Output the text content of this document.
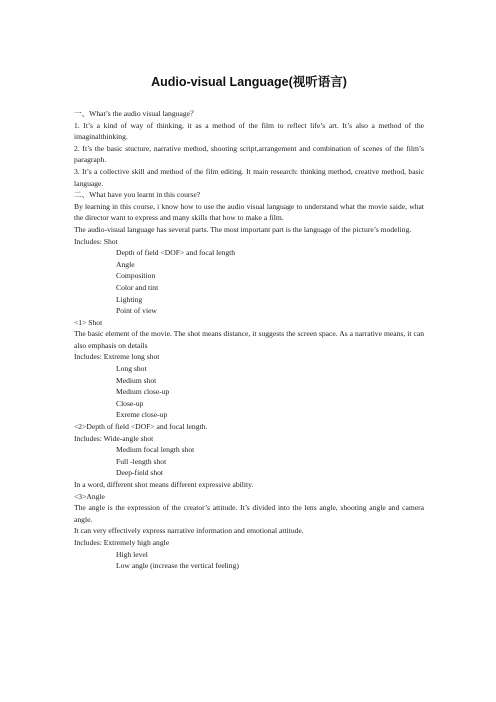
Audio-visual Language(视听语言)

一、What’s the audio visual language？

1. It’s a kind of way of thinking, it as a method of the film to reflect life’s art. It’s also a method of the imaginalthinking.

2. It’s the basic stucture, narrative method, shooting script,arrangement and combination of scenes of the film’s paragraph.

3. It’s a collective skill and method of the film editing. It main research: thinking method, creative method, basic language.

二、What have you learnt in this course?

By learning in this course, i know how to use the audio visual language to understand what the movie saide, what the director want to express and many skills that how to make a film.

The audio-visual language has several parts. The most important part is the language of the picture’s modeling.

Includes: Shot

Depth of field <DOF> and focal length

Angle

Composition

Color and tint

Lighting

Point of view

<1> Shot

The basic element of the movie. The shot means distance, it suggests the screen space. As a narrative means, it can also emphasis on details

Includes: Extreme long shot

Long shot

Medium shot

Medium close-up

Close-up

Exreme close-up

<2>Depth of field <DOF> and focal length.

Includes: Wide-angle shot

Medium focal length shot

Full -length shot

Deep-field shot

In a word, different shot means different expressive ability.

<3>Angle

The angle is the expression of the creator’s attitude. It’s divided into the lens angle, shooting angle and camera angle.

It can very effectively express narrative information and emotional attitude.

Includes: Extremely high angle

High level

Low angle (increase the vertical feeling)
